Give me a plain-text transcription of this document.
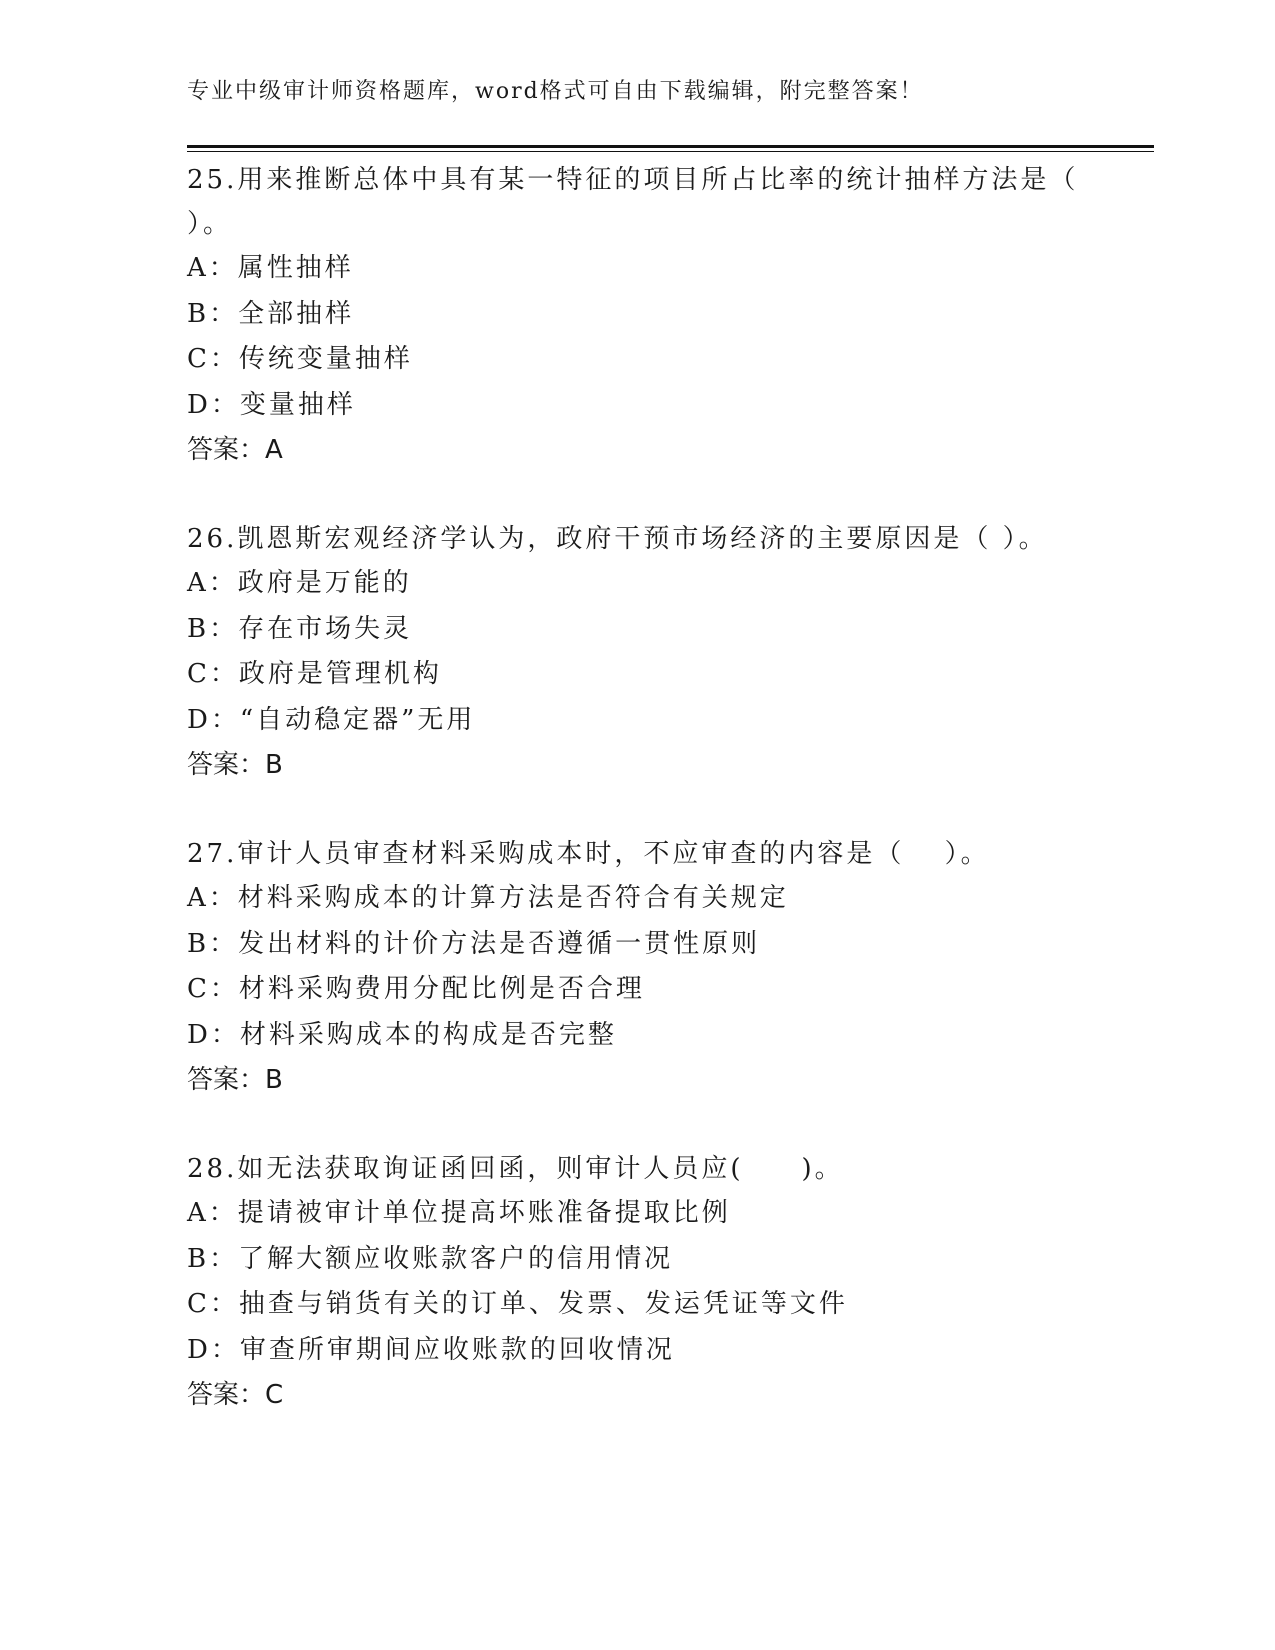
专业中级审计师资格题库，word格式可自由下载编辑，附完整答案！

25.用来推断总体中具有某一特征的项目所占比率的统计抽样方法是（ ）。

A：属性抽样

B：全部抽样

C：传统变量抽样

D：变量抽样

答案：A

26.凯恩斯宏观经济学认为，政府干预市场经济的主要原因是（ ）。

A：政府是万能的

B：存在市场失灵

C：政府是管理机构

D：“自动稳定器”无用

答案：B

27.审计人员审查材料采购成本时，不应审查的内容是（　 ）。

A：材料采购成本的计算方法是否符合有关规定

B：发出材料的计价方法是否遵循一贯性原则

C：材料采购费用分配比例是否合理

D：材料采购成本的构成是否完整

答案：B

28.如无法获取询证函回函，则审计人员应(　　)。

A：提请被审计单位提高坏账准备提取比例

B：了解大额应收账款客户的信用情况

C：抽查与销货有关的订单、发票、发运凭证等文件

D：审查所审期间应收账款的回收情况

答案：C
